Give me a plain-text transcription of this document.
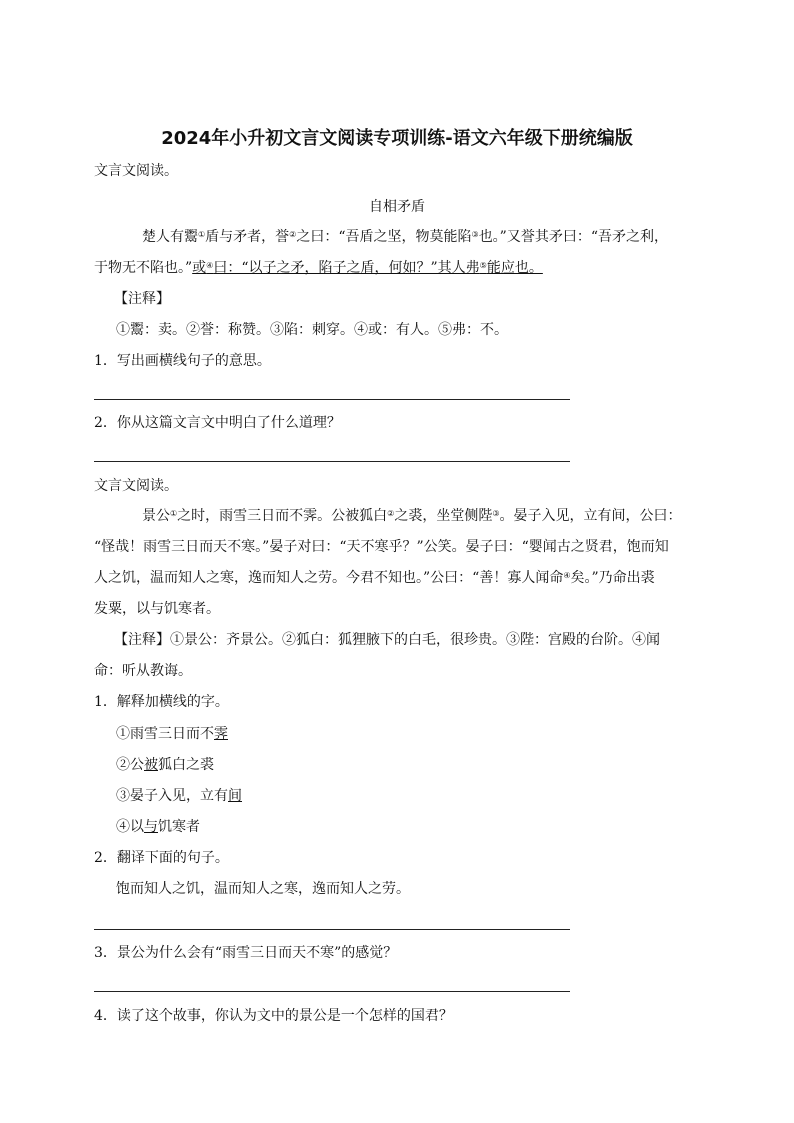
2024年小升初文言文阅读专项训练-语文六年级下册统编版
文言文阅读。
自相矛盾
楚人有鬻①盾与矛者，誉②之曰：“吾盾之坚，物莫能陷③也。”又誉其矛曰：“吾矛之利，
于物无不陷也。”或④曰：“以子之矛，陷子之盾，何如？”其人弗⑤能应也。
【注释】
①鬻：卖。②誉：称赞。③陷：刺穿。④或：有人。⑤弗：不。
1．写出画横线句子的意思。
2．你从这篇文言文中明白了什么道理？
文言文阅读。
景公①之时，雨雪三日而不霁。公被狐白②之裘，坐堂侧陛③。晏子入见，立有间，公曰：
“怪哉！雨雪三日而天不寒。”晏子对曰：“天不寒乎？”公笑。晏子曰：“婴闻古之贤君，饱而知
人之饥，温而知人之寒，逸而知人之劳。今君不知也。”公曰：“善！寡人闻命④矣。”乃命出裘
发粟，以与饥寒者。
【注释】①景公：齐景公。②狐白：狐狸腋下的白毛，很珍贵。③陛：宫殿的台阶。④闻
命：听从教诲。
1．解释加横线的字。
①雨雪三日而不霁
②公被狐白之裘
③晏子入见，立有间
④以与饥寒者
2．翻译下面的句子。
饱而知人之饥，温而知人之寒，逸而知人之劳。
3．景公为什么会有“雨雪三日而天不寒”的感觉？
4．读了这个故事，你认为文中的景公是一个怎样的国君？
